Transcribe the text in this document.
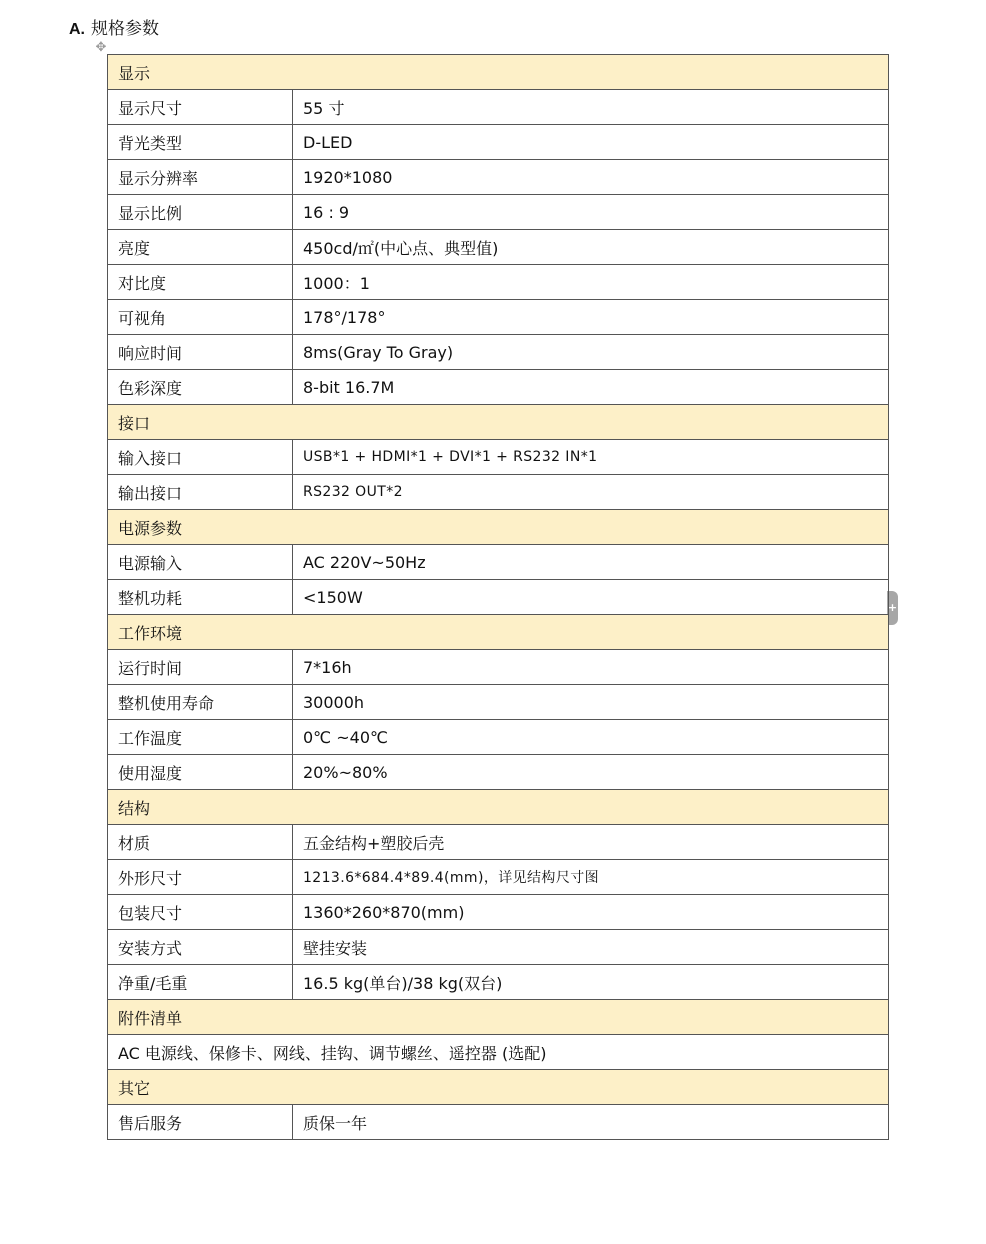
A. 规格参数
✥
+
显示	
显示尺寸	55 寸
背光类型	D-LED
显示分辨率	1920*1080
显示比例	16 : 9
亮度	450cd/㎡(中心点、典型值)
对比度	1000：1
可视角	178°/178°
响应时间	8ms(Gray To Gray)
色彩深度	8-bit 16.7M
接口	
输入接口	USB*1 + HDMI*1 + DVI*1 + RS232 IN*1
输出接口	RS232 OUT*2
电源参数	
电源输入	AC 220V~50Hz
整机功耗	<150W
工作环境	
运行时间	7*16h
整机使用寿命	30000h
工作温度	0℃ ~40℃
使用湿度	20%~80%
结构	
材质	五金结构+塑胶后壳
外形尺寸	1213.6*684.4*89.4(mm)，详见结构尺寸图
包装尺寸	1360*260*870(mm)
安装方式	壁挂安装
净重/毛重	16.5 kg(单台)/38 kg(双台)
附件清单	
AC 电源线、保修卡、网线、挂钩、调节螺丝、遥控器 (选配)	
其它	
售后服务	质保一年
